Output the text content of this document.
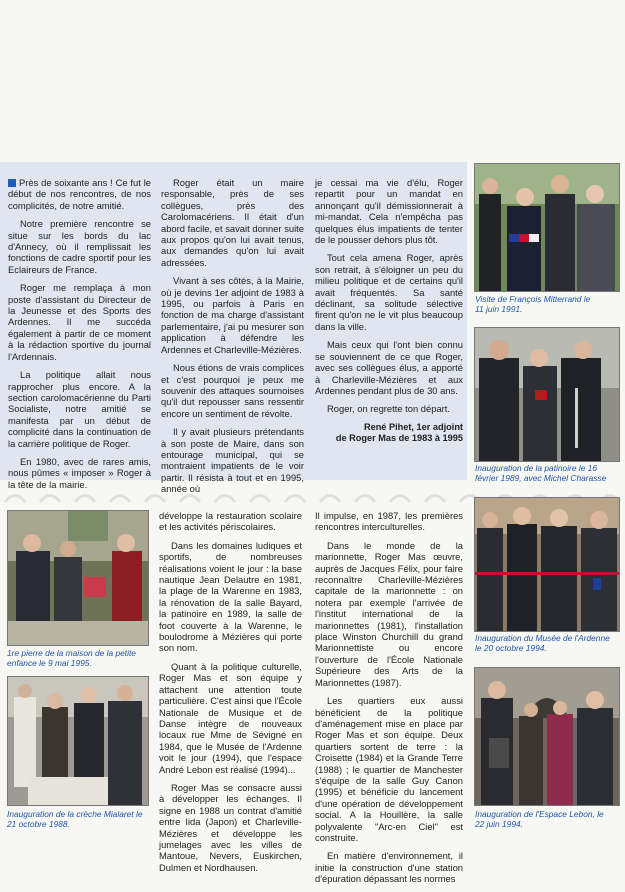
Près de soixante ans ! Ce fut le début de nos rencontres, de nos complicités, de notre amitié.

Notre première rencontre se situe sur les bords du lac d'Annecy, où il remplissait les fonctions de cadre sportif pour les Eclaireurs de France.

Roger me remplaça à mon poste d'assistant du Directeur de la Jeunesse et des Sports des Ardennes. Il me succéda également à partir de ce moment à la rédaction sportive du journal l'Ardennais.

La politique allait nous rapprocher plus encore. A la section carolomacérienne du Parti Socialiste, notre amitié se manifesta par un début de complicité dans la continuation de la carrière politique de Roger.

En 1980, avec de rares amis, nous pûmes « imposer » Roger à la tête de la mairie.

Roger était un maire responsable, près de ses collègues, près des Carolomacériens. Il était d'un abord facile, et savait donner suite aux propos qu'on lui avait tenus, aux demandes qu'on lui avait adressées.

Vivant à ses côtés, à la Mairie, où je devins 1er adjoint de 1983 à 1995, ou parfois à Paris en fonction de ma charge d'assistant parlementaire, j'ai pu mesurer son application à défendre les Ardennes et Charleville-Mézières.

Nous étions de vrais complices et c'est pourquoi je peux me souvenir des attaques sournoises qu'il dut repousser sans ressentir encore un sentiment de révolte.

Il y avait plusieurs prétendants à son poste de Maire, dans son entourage municipal, qui se montraient impatients de le voir partir. Il résista à tout et en 1995, année où

je cessai ma vie d'élu, Roger repartit pour un mandat en annonçant qu'il démissionnerait à mi-mandat. Cela n'empêcha pas quelques élus impatients de tenter de le pousser dehors plus tôt.

Tout cela amena Roger, après son retrait, à s'éloigner un peu du milieu politique et de certains qu'il avait fréquentés. Sa santé déclinant, sa solitude sélective firent qu'on ne le vit plus beaucoup dans la ville.

Mais ceux qui l'ont bien connu se souviennent de ce que Roger, avec ses collègues élus, a apporté à Charleville-Mézières et aux Ardennes pendant plus de 30 ans.

Roger, on regrette ton départ.

René Pihet, 1er adjoint
de Roger Mas de 1983 à 1995
Visite de François Mitterrand le 11 juin 1991.
Inauguration de la patinoire le 16 février 1989, avec Michel Charasse
1re pierre de la maison de la petite enfance le 9 mai 1995.
Inauguration de la crèche Mialaret le 21 octobre 1988.

développe la restauration scolaire et les activités périscolaires.

Dans les domaines ludiques et sportifs, de nombreuses réalisations voient le jour : la base nautique Jean Delautre en 1981, la plage de la Warenne en 1983, la rénovation de la salle Bayard, la patinoire en 1989, la salle de foot couverte à la Warenne, le boulodrome à Mézières qui porte son nom.

Quant à la politique culturelle, Roger Mas et son équipe y attachent une attention toute particulière. C'est ainsi que l'École Nationale de Musique et de Danse intègre de nouveaux locaux rue Mme de Sévigné en 1984, que le Musée de l'Ardenne voit le jour (1994), que l'espace André Lebon est réalisé (1994)...

Roger Mas se consacre aussi à développer les échanges. Il signe en 1988 un contrat d'amitié entre Iida (Japon) et Charleville-Mézières et développe les jumelages avec les villes de Mantoue, Nevers, Euskirchen, Dulmen et Nordhausen.

Il impulse, en 1987, les premières rencontres interculturelles.

Dans le monde de la marionnette, Roger Mas œuvre, auprès de Jacques Félix, pour faire reconnaître Charleville-Mézières capitale de la marionnette : on notera par exemple l'arrivée de l'institut international de la marionnettes (1981), l'installation place Winston Churchill du grand Marionnettiste ou encore l'ouverture de l'École Nationale Supérieure des Arts de la Marionnettes (1987).

Les quartiers eux aussi bénéficient de la politique d'aménagement mise en place par Roger Mas et son équipe. Deux quartiers sortent de terre : la Croisette (1984) et la Grande Terre (1988) ; le quartier de Manchester s'équipe de la salle Guy Canon (1995) et bénéficie du lancement d'une opération de développement social. A la Houillère, la salle polyvalente "Arc-en Ciel" est construite.

En matière d'environnement, il initie la construction d'une station d'épuration dépassant les normes

Inauguration du Musée de l'Ardenne le 20 octobre 1994.
Inauguration de l'Espace Lebon, le 22 juin 1994.
